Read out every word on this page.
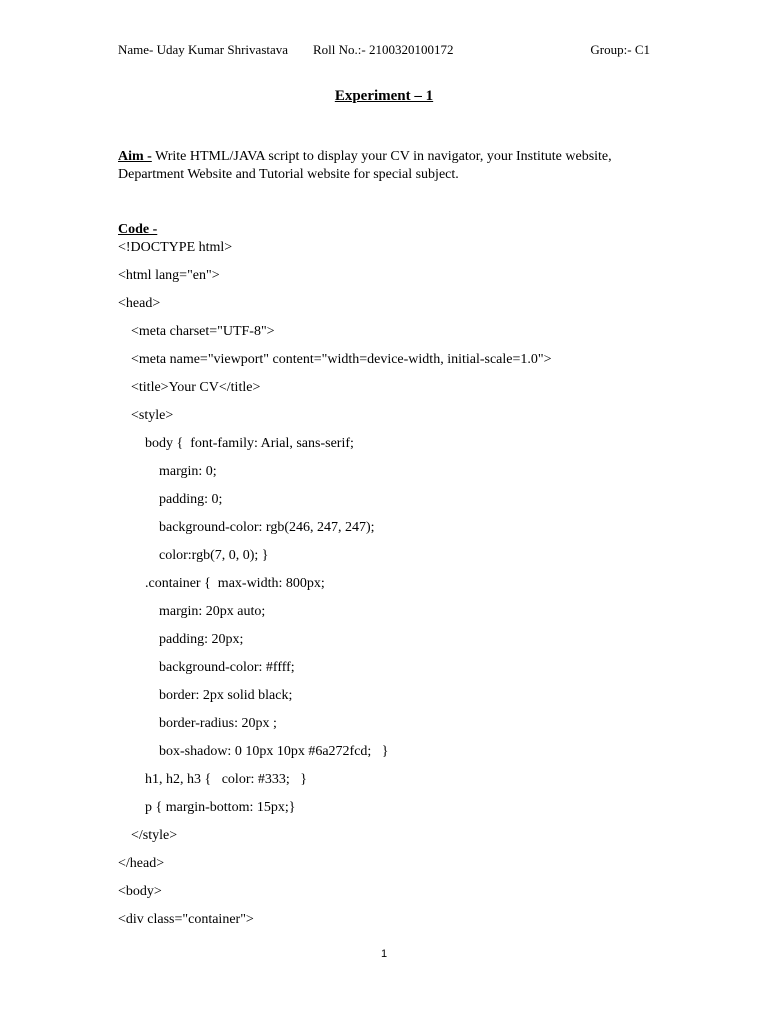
Name- Uday Kumar Shrivastava Roll No.:- 2100320100172	Group:- C1
Experiment – 1
Aim - Write HTML/JAVA script to display your CV in navigator, your Institute website, Department Website and Tutorial website for special subject.
Code -
<!DOCTYPE html>
<html lang="en">
<head>
<meta charset="UTF-8">
<meta name="viewport" content="width=device-width, initial-scale=1.0">
<title>Your CV</title>
<style>
body {  font-family: Arial, sans-serif;
margin: 0;
padding: 0;
background-color: rgb(246, 247, 247);
color:rgb(7, 0, 0); }
.container {  max-width: 800px;
margin: 20px auto;
padding: 20px;
background-color: #ffff;
border: 2px solid black;
border-radius: 20px ;
box-shadow: 0 10px 10px #6a272fcd;   }
h1, h2, h3 {   color: #333;   }
p { margin-bottom: 15px;}
</style>
</head>
<body>
<div class="container">
1
